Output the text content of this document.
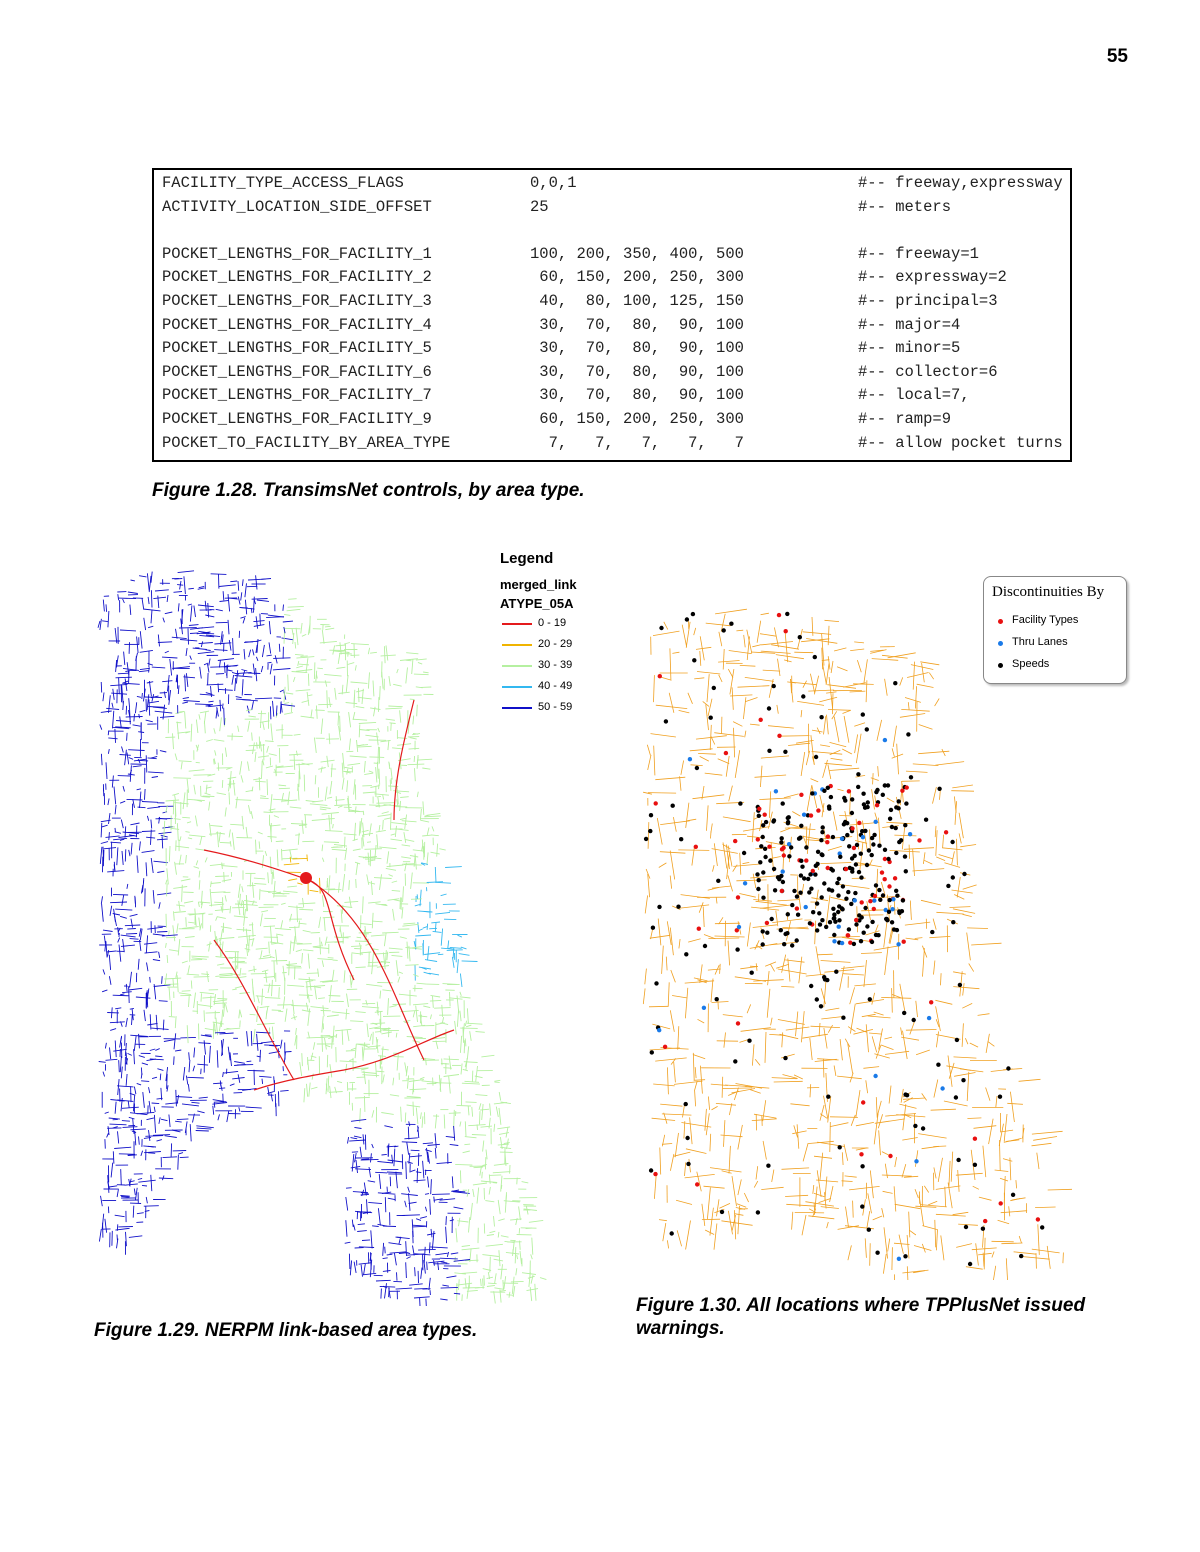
55
FACILITY_TYPE_ACCESS_FLAGS	0,0,1	#-- freeway,expressway
ACTIVITY_LOCATION_SIDE_OFFSET	25	#-- meters
POCKET_LENGTHS_FOR_FACILITY_1	100, 200, 350, 400, 500	#-- freeway=1
POCKET_LENGTHS_FOR_FACILITY_2	60, 150, 200, 250, 300	#-- expressway=2
POCKET_LENGTHS_FOR_FACILITY_3	40,  80, 100, 125, 150	#-- principal=3
POCKET_LENGTHS_FOR_FACILITY_4	30,  70,  80,  90, 100	#-- major=4
POCKET_LENGTHS_FOR_FACILITY_5	30,  70,  80,  90, 100	#-- minor=5
POCKET_LENGTHS_FOR_FACILITY_6	30,  70,  80,  90, 100	#-- collector=6
POCKET_LENGTHS_FOR_FACILITY_7	30,  70,  80,  90, 100	#-- local=7,
POCKET_LENGTHS_FOR_FACILITY_9	60, 150, 200, 250, 300	#-- ramp=9
POCKET_TO_FACILITY_BY_AREA_TYPE	7,   7,   7,   7,   7	#-- allow pocket turns
Figure 1.28. TransimsNet controls, by area type.
Legend
merged_link
ATYPE_05A
0 - 19
20 - 29
30 - 39
40 - 49
50 - 59
Discontinuities By
Facility Types
Thru Lanes
Speeds
Figure 1.29. NERPM link-based area types.
Figure 1.30. All locations where TPPlusNet issued warnings.
